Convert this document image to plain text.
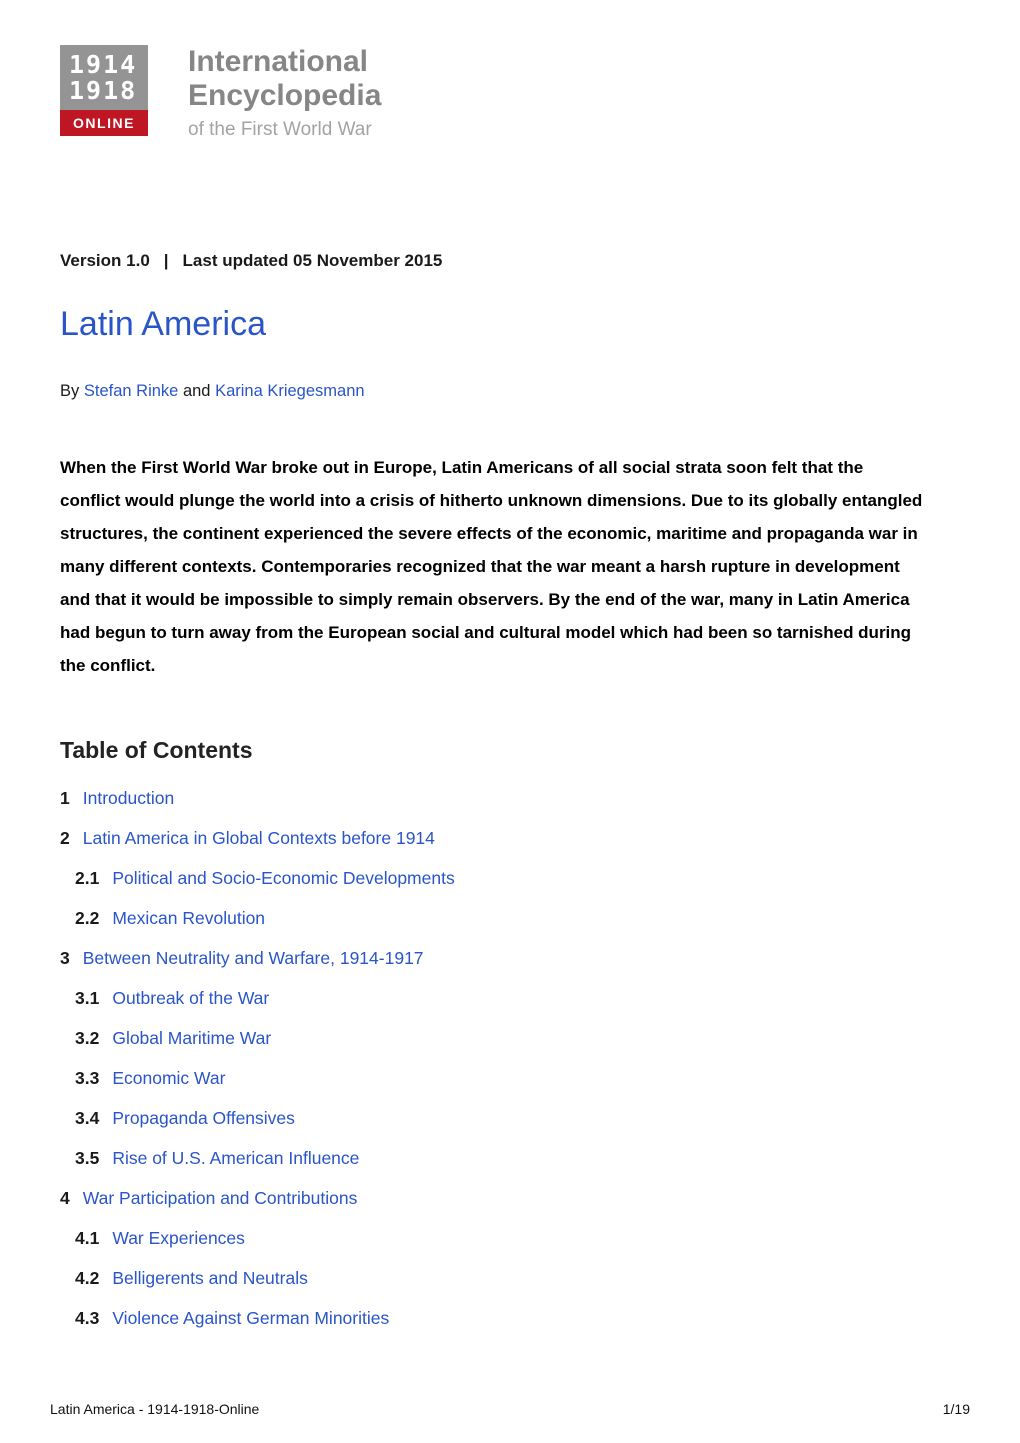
1914
1918
ONLINE
International
Encyclopedia
of the First World War

Version 1.0 | Last updated 05 November 2015

Latin America

By Stefan Rinke and Karina Kriegesmann

When the First World War broke out in Europe, Latin Americans of all social strata soon felt that the conflict would plunge the world into a crisis of hitherto unknown dimensions. Due to its globally entangled structures, the continent experienced the severe effects of the economic, maritime and propaganda war in many different contexts. Contemporaries recognized that the war meant a harsh rupture in development and that it would be impossible to simply remain observers. By the end of the war, many in Latin America had begun to turn away from the European social and cultural model which had been so tarnished during the conflict.

Table of Contents
1 Introduction
2 Latin America in Global Contexts before 1914
2.1 Political and Socio-Economic Developments
2.2 Mexican Revolution
3 Between Neutrality and Warfare, 1914-1917
3.1 Outbreak of the War
3.2 Global Maritime War
3.3 Economic War
3.4 Propaganda Offensives
3.5 Rise of U.S. American Influence
4 War Participation and Contributions
4.1 War Experiences
4.2 Belligerents and Neutrals
4.3 Violence Against German Minorities
Latin America - 1914-1918-Online	1/19
